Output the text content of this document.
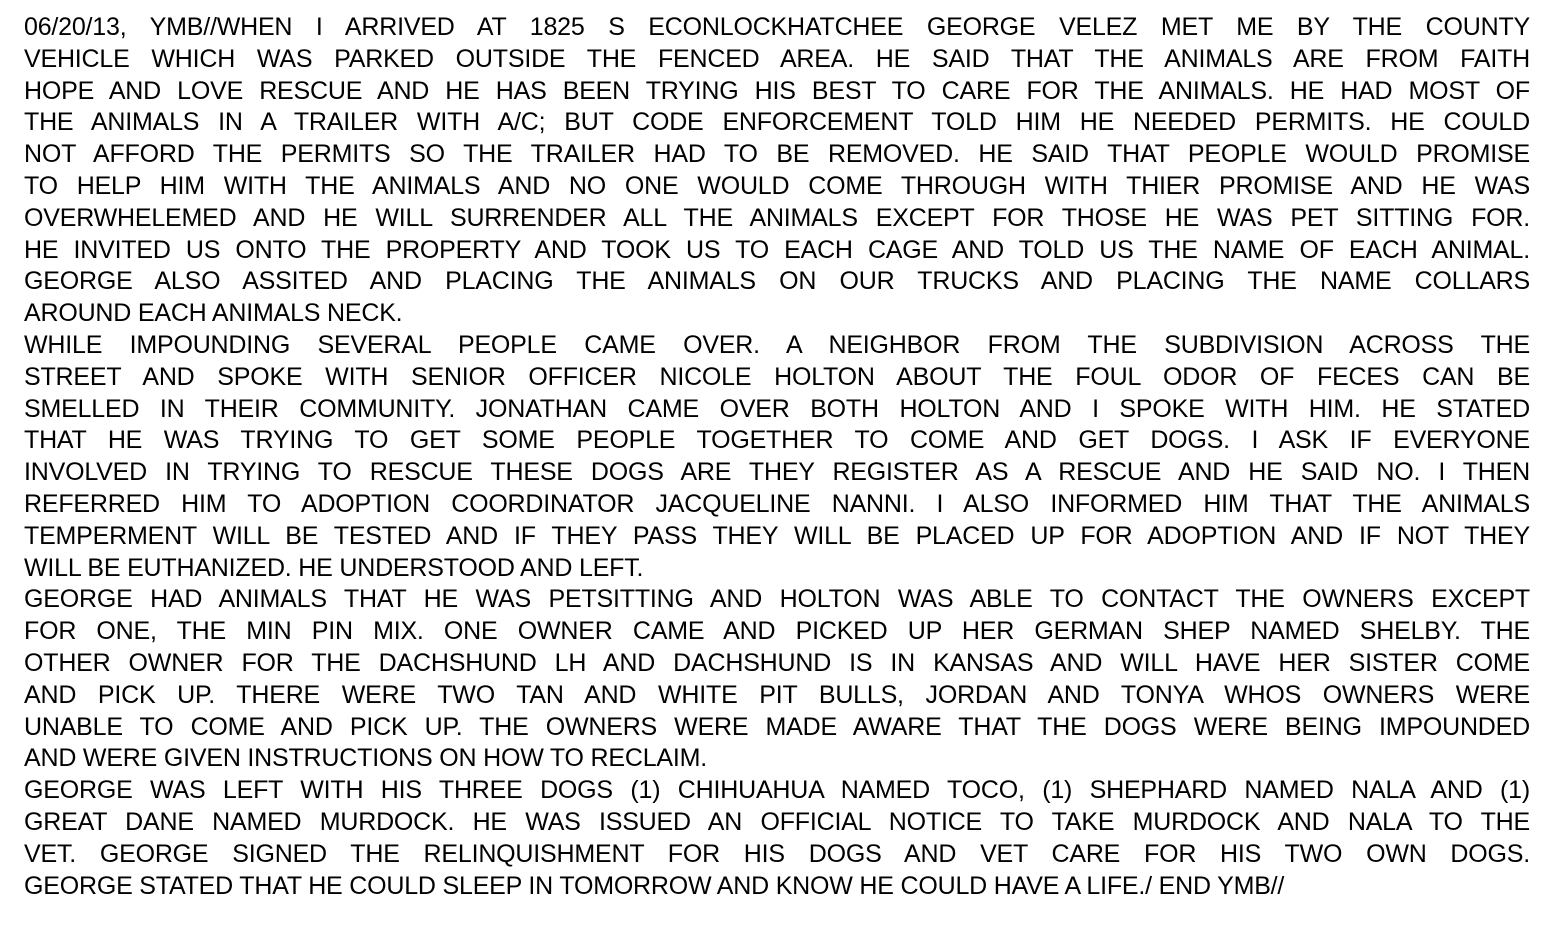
06/20/13, YMB//WHEN I ARRIVED AT 1825 S ECONLOCKHATCHEE GEORGE VELEZ MET ME BY THE COUNTY
VEHICLE WHICH WAS PARKED OUTSIDE THE FENCED AREA. HE SAID THAT THE ANIMALS ARE FROM FAITH
HOPE AND LOVE RESCUE AND HE HAS BEEN TRYING HIS BEST TO CARE FOR THE ANIMALS. HE HAD MOST OF
THE ANIMALS IN A TRAILER WITH A/C; BUT CODE ENFORCEMENT TOLD HIM HE NEEDED PERMITS. HE COULD
NOT AFFORD THE PERMITS SO THE TRAILER HAD TO BE REMOVED. HE SAID THAT PEOPLE WOULD PROMISE
TO HELP HIM WITH THE ANIMALS AND NO ONE WOULD COME THROUGH WITH THIER PROMISE AND HE WAS
OVERWHELEMED AND HE WILL SURRENDER ALL THE ANIMALS EXCEPT FOR THOSE HE WAS PET SITTING FOR.
HE INVITED US ONTO THE PROPERTY AND TOOK US TO EACH CAGE AND TOLD US THE NAME OF EACH ANIMAL.
GEORGE ALSO ASSITED AND PLACING THE ANIMALS ON OUR TRUCKS AND PLACING THE NAME COLLARS
AROUND EACH ANIMALS NECK.
WHILE IMPOUNDING SEVERAL PEOPLE CAME OVER. A NEIGHBOR FROM THE SUBDIVISION ACROSS THE
STREET AND SPOKE WITH SENIOR OFFICER NICOLE HOLTON ABOUT THE FOUL ODOR OF FECES CAN BE
SMELLED IN THEIR COMMUNITY. JONATHAN CAME OVER BOTH HOLTON AND I SPOKE WITH HIM. HE STATED
THAT HE WAS TRYING TO GET SOME PEOPLE TOGETHER TO COME AND GET DOGS. I ASK IF EVERYONE
INVOLVED IN TRYING TO RESCUE THESE DOGS ARE THEY REGISTER AS A RESCUE AND HE SAID NO. I THEN
REFERRED HIM TO ADOPTION COORDINATOR JACQUELINE NANNI. I ALSO INFORMED HIM THAT THE ANIMALS
TEMPERMENT WILL BE TESTED AND IF THEY PASS THEY WILL BE PLACED UP FOR ADOPTION AND IF NOT THEY
WILL BE EUTHANIZED. HE UNDERSTOOD AND LEFT.
GEORGE HAD ANIMALS THAT HE WAS PETSITTING AND HOLTON WAS ABLE TO CONTACT THE OWNERS EXCEPT
FOR ONE, THE MIN PIN MIX. ONE OWNER CAME AND PICKED UP HER GERMAN SHEP NAMED SHELBY. THE
OTHER OWNER FOR THE DACHSHUND LH AND DACHSHUND IS IN KANSAS AND WILL HAVE HER SISTER COME
AND PICK UP. THERE WERE TWO TAN AND WHITE PIT BULLS, JORDAN AND TONYA WHOS OWNERS WERE
UNABLE TO COME AND PICK UP. THE OWNERS WERE MADE AWARE THAT THE DOGS WERE BEING IMPOUNDED
AND WERE GIVEN INSTRUCTIONS ON HOW TO RECLAIM.
GEORGE WAS LEFT WITH HIS THREE DOGS (1) CHIHUAHUA NAMED TOCO, (1) SHEPHARD NAMED NALA AND (1)
GREAT DANE NAMED MURDOCK. HE WAS ISSUED AN OFFICIAL NOTICE TO TAKE MURDOCK AND NALA TO THE
VET. GEORGE SIGNED THE RELINQUISHMENT FOR HIS DOGS AND VET CARE FOR HIS TWO OWN DOGS.
GEORGE STATED THAT HE COULD SLEEP IN TOMORROW AND KNOW HE COULD HAVE A LIFE./ END YMB//
